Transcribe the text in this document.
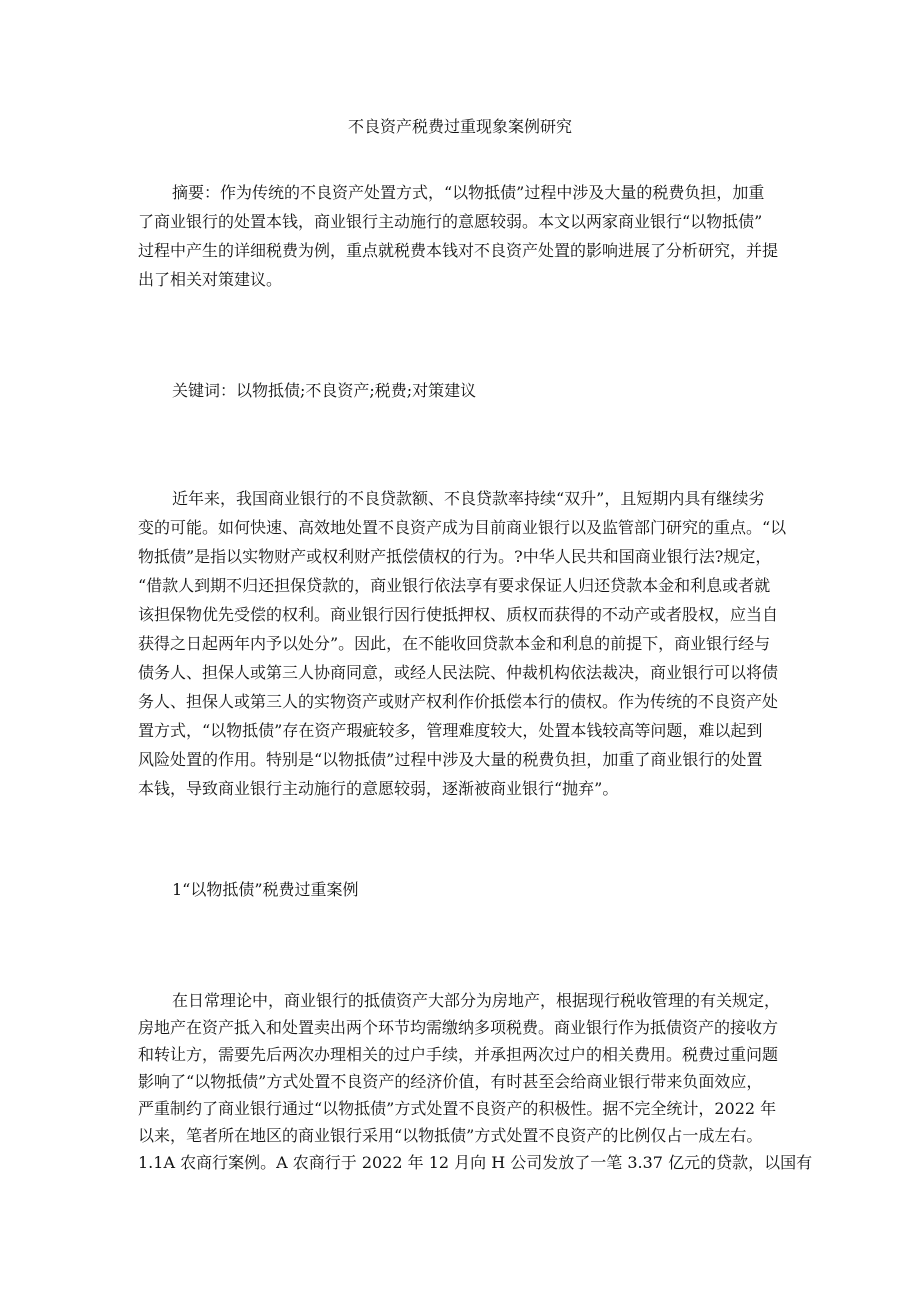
不良资产税费过重现象案例研究
摘要：作为传统的不良资产处置方式，“以物抵债”过程中涉及大量的税费负担，加重
了商业银行的处置本钱，商业银行主动施行的意愿较弱。本文以两家商业银行“以物抵债”
过程中产生的详细税费为例，重点就税费本钱对不良资产处置的影响进展了分析研究，并提
出了相关对策建议。
关键词：以物抵债;不良资产;税费;对策建议
近年来，我国商业银行的不良贷款额、不良贷款率持续“双升”，且短期内具有继续劣
变的可能。如何快速、高效地处置不良资产成为目前商业银行以及监管部门研究的重点。“以
物抵债”是指以实物财产或权利财产抵偿债权的行为。?中华人民共和国商业银行法?规定，
“借款人到期不归还担保贷款的，商业银行依法享有要求保证人归还贷款本金和利息或者就
该担保物优先受偿的权利。商业银行因行使抵押权、质权而获得的不动产或者股权，应当自
获得之日起两年内予以处分”。因此，在不能收回贷款本金和利息的前提下，商业银行经与
债务人、担保人或第三人协商同意，或经人民法院、仲裁机构依法裁决，商业银行可以将债
务人、担保人或第三人的实物资产或财产权利作价抵偿本行的债权。作为传统的不良资产处
置方式，“以物抵债”存在资产瑕疵较多，管理难度较大，处置本钱较高等问题，难以起到
风险处置的作用。特别是“以物抵债”过程中涉及大量的税费负担，加重了商业银行的处置
本钱，导致商业银行主动施行的意愿较弱，逐渐被商业银行“抛弃”。
1“以物抵债”税费过重案例
在日常理论中，商业银行的抵债资产大部分为房地产，根据现行税收管理的有关规定，
房地产在资产抵入和处置卖出两个环节均需缴纳多项税费。商业银行作为抵债资产的接收方
和转让方，需要先后两次办理相关的过户手续，并承担两次过户的相关费用。税费过重问题
影响了“以物抵债”方式处置不良资产的经济价值，有时甚至会给商业银行带来负面效应，
严重制约了商业银行通过“以物抵债”方式处置不良资产的积极性。据不完全统计，2022 年
以来，笔者所在地区的商业银行采用“以物抵债”方式处置不良资产的比例仅占一成左右。
1.1A 农商行案例。A 农商行于 2022 年 12 月向 H 公司发放了一笔 3.37 亿元的贷款，以国有
